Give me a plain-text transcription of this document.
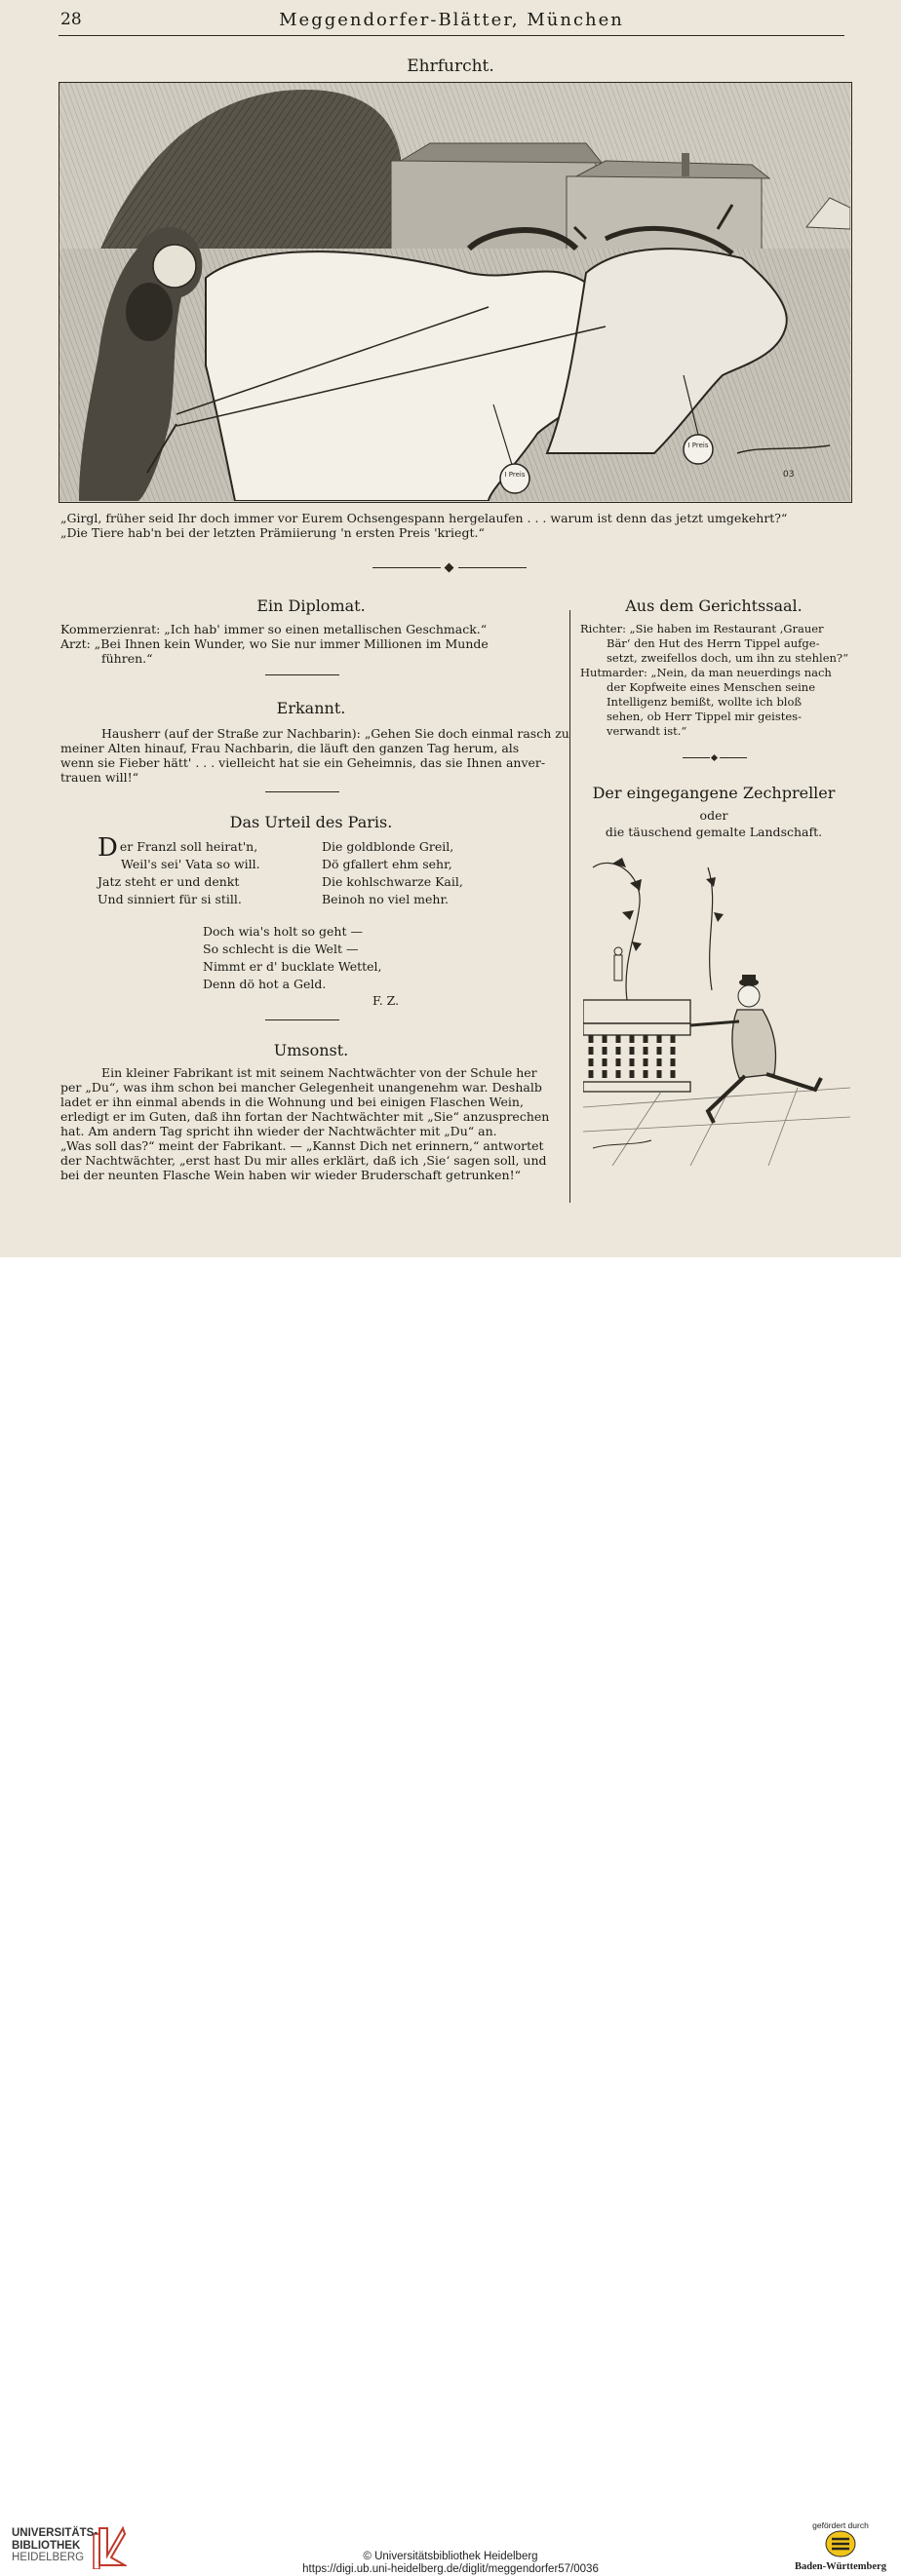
28	Meggendorfer-Blätter, München
Ehrfurcht.
I Preis
I Preis
03
„Girgl, früher seid Ihr doch immer vor Eurem Ochsengespann hergelaufen . . . warum ist denn das jetzt umgekehrt?“
„Die Tiere hab'n bei der letzten Prämiierung 'n ersten Preis 'kriegt.“
Ein Diplomat.
Kommerzienrat: „Ich hab' immer so einen metallischen Geschmack.“
Arzt: „Bei Ihnen kein Wunder, wo Sie nur immer Millionen im Munde
führen.“
Erkannt.
Hausherr (auf der Straße zur Nachbarin): „Gehen Sie doch einmal rasch zu
meiner Alten hinauf, Frau Nachbarin, die läuft den ganzen Tag herum, als
wenn sie Fieber hätt' . . . vielleicht hat sie ein Geheimnis, das sie Ihnen anver-
trauen will!“
Das Urteil des Paris.
Der Franzl soll heirat'n,
Weil's sei' Vata so will.
Jatz steht er und denkt
Und sinniert für si still.
Die goldblonde Greil,
Dö gfallert ehm sehr,
Die kohlschwarze Kail,
Beinoh no viel mehr.
Doch wia's holt so geht —
So schlecht is die Welt —
Nimmt er d' bucklate Wettel,
Denn dö hot a Geld.
F. Z.
Umsonst.
Ein kleiner Fabrikant ist mit seinem Nachtwächter von der Schule her
per „Du“, was ihm schon bei mancher Gelegenheit unangenehm war. Deshalb
ladet er ihn einmal abends in die Wohnung und bei einigen Flaschen Wein,
erledigt er im Guten, daß ihn fortan der Nachtwächter mit „Sie“ anzusprechen
hat. Am andern Tag spricht ihn wieder der Nachtwächter mit „Du“ an.
„Was soll das?“ meint der Fabrikant. — „Kannst Dich net erinnern,“ antwortet
der Nachtwächter, „erst hast Du mir alles erklärt, daß ich ‚Sie‘ sagen soll, und
bei der neunten Flasche Wein haben wir wieder Bruderschaft getrunken!“
Aus dem Gerichtssaal.
Richter: „Sie haben im Restaurant ‚Grauer
Bär‘ den Hut des Herrn Tippel aufge-
setzt, zweifellos doch, um ihn zu stehlen?“
Hutmarder: „Nein, da man neuerdings nach
der Kopfweite eines Menschen seine
Intelligenz bemißt, wollte ich bloß
sehen, ob Herr Tippel mir geistes-
verwandt ist.“
Der eingegangene Zechpreller
oder
die täuschend gemalte Landschaft.
UNIVERSITÄTS-
BIBLIOTHEK
HEIDELBERG	© Universitätsbibliothek Heidelberg
https://digi.ub.uni-heidelberg.de/diglit/meggendorfer57/0036
gefördert durch
Baden-Württemberg
